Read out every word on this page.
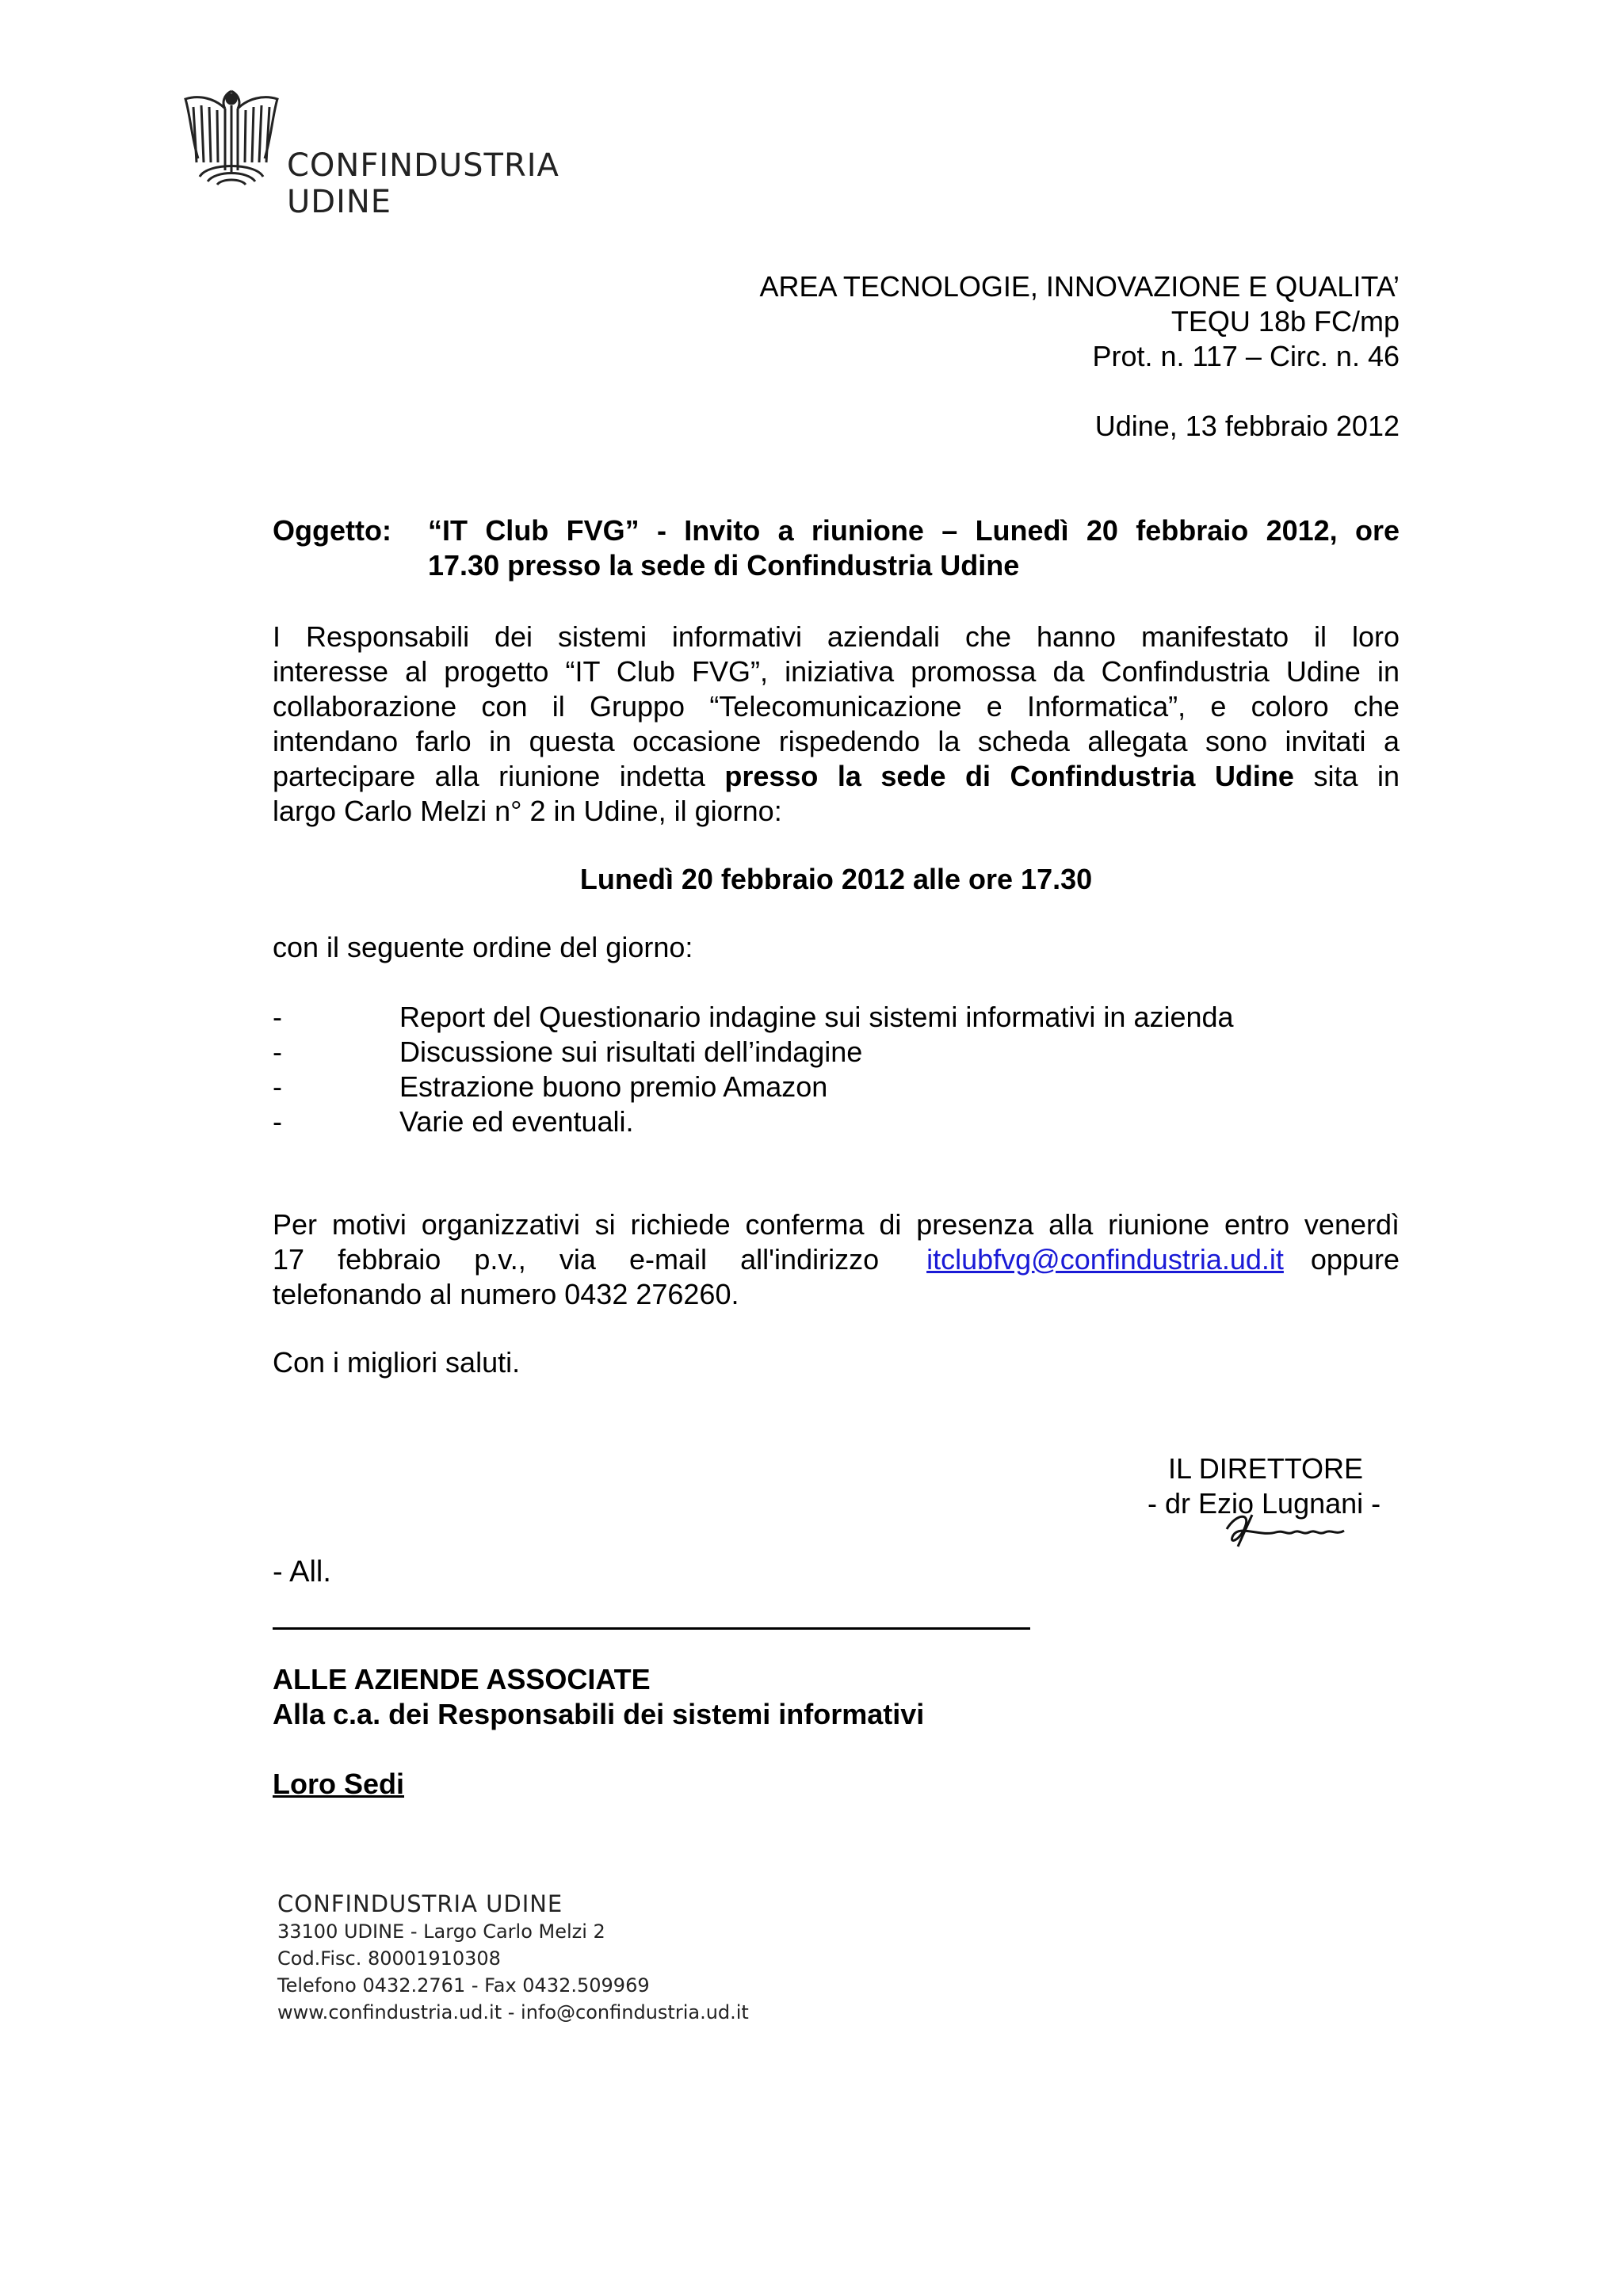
CONFINDUSTRIA UDINE
AREA TECNOLOGIE, INNOVAZIONE E QUALITA’
TEQU 18b FC/mp
Prot. n. 117 – Circ. n. 46
Udine, 13 febbraio 2012
Oggetto: “IT Club FVG” - Invito a riunione – Lunedì 20 febbraio 2012, ore
17.30 presso la sede di Confindustria Udine
I Responsabili dei sistemi informativi aziendali che hanno manifestato il loro
interesse al progetto “IT Club FVG”, iniziativa promossa da Confindustria Udine in
collaborazione con il Gruppo “Telecomunicazione e Informatica”, e coloro che
intendano farlo in questa occasione rispedendo la scheda allegata sono invitati a
partecipare alla riunione indetta presso la sede di Confindustria Udine sita in
largo Carlo Melzi n° 2 in Udine, il giorno:
Lunedì 20 febbraio 2012 alle ore 17.30
con il seguente ordine del giorno:
-	Report del Questionario indagine sui sistemi informativi in azienda
-	Discussione sui risultati dell’indagine
-	Estrazione buono premio Amazon
-	Varie ed eventuali.
Per motivi organizzativi si richiede conferma di presenza alla riunione entro venerdì
17 febbraio p.v., via e-mail all'indirizzo itclubfvg@confindustria.ud.it oppure
telefonando al numero 0432 276260.
Con i migliori saluti.
IL DIRETTORE
- dr Ezio Lugnani -
- All.
ALLE AZIENDE ASSOCIATE
Alla c.a. dei Responsabili dei sistemi informativi
Loro Sedi
CONFINDUSTRIA UDINE
33100 UDINE - Largo Carlo Melzi 2
Cod.Fisc. 80001910308
Telefono 0432.2761 - Fax 0432.509969
www.confindustria.ud.it - info@confindustria.ud.it
